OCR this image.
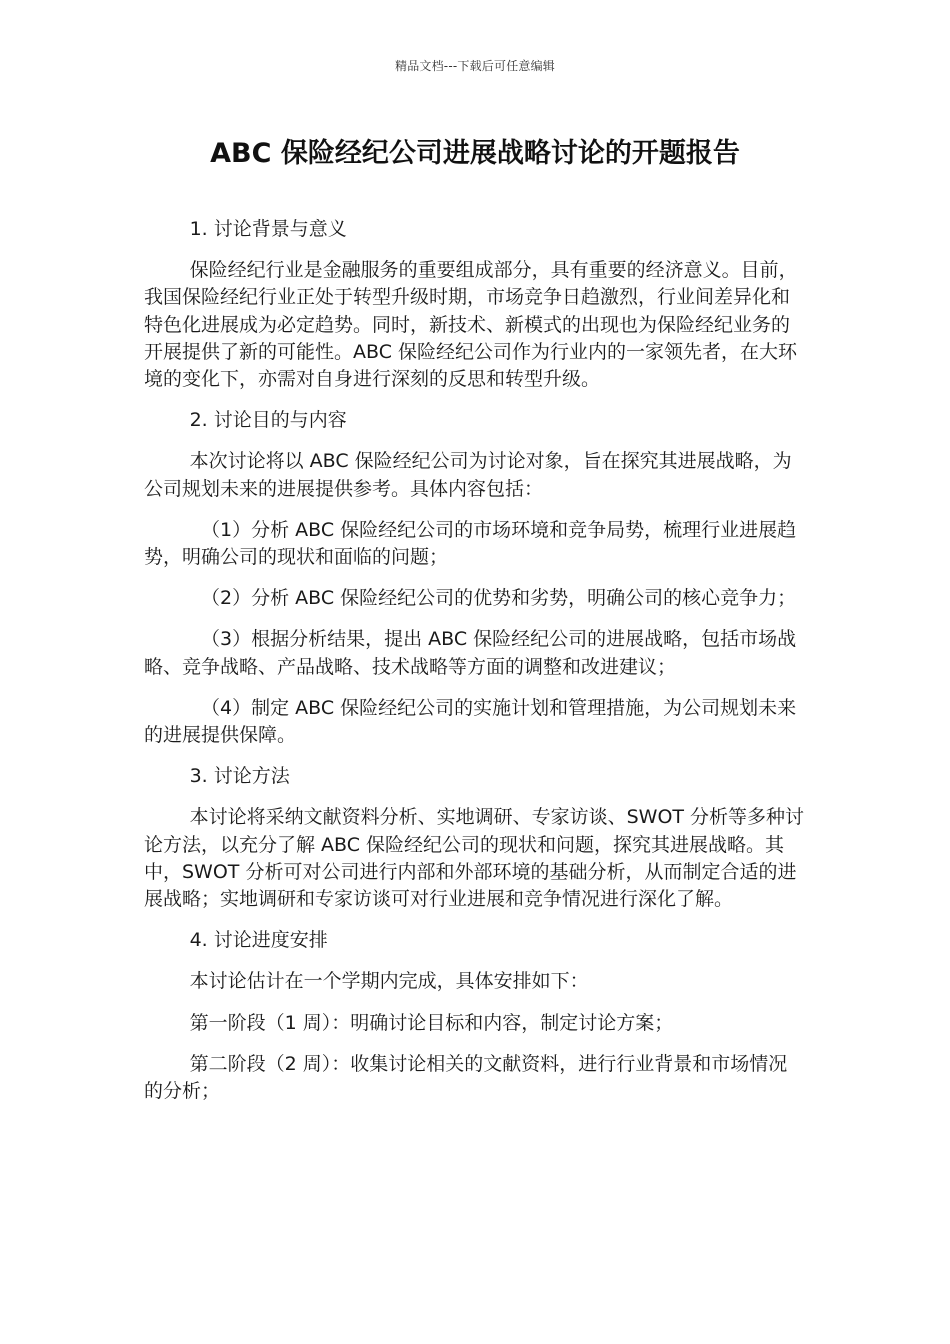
精品文档---下载后可任意编辑
ABC 保险经纪公司进展战略讨论的开题报告

1. 讨论背景与意义

保险经纪行业是金融服务的重要组成部分，具有重要的经济意义。目前，我国保险经纪行业正处于转型升级时期，市场竞争日趋激烈，行业间差异化和特色化进展成为必定趋势。同时，新技术、新模式的出现也为保险经纪业务的开展提供了新的可能性。ABC 保险经纪公司作为行业内的一家领先者，在大环境的变化下，亦需对自身进行深刻的反思和转型升级。

2. 讨论目的与内容

本次讨论将以 ABC 保险经纪公司为讨论对象，旨在探究其进展战略，为公司规划未来的进展提供参考。具体内容包括：

（1）分析 ABC 保险经纪公司的市场环境和竞争局势，梳理行业进展趋势，明确公司的现状和面临的问题；

（2）分析 ABC 保险经纪公司的优势和劣势，明确公司的核心竞争力；

（3）根据分析结果，提出 ABC 保险经纪公司的进展战略，包括市场战略、竞争战略、产品战略、技术战略等方面的调整和改进建议；

（4）制定 ABC 保险经纪公司的实施计划和管理措施，为公司规划未来的进展提供保障。

3. 讨论方法

本讨论将采纳文献资料分析、实地调研、专家访谈、SWOT 分析等多种讨论方法，以充分了解 ABC 保险经纪公司的现状和问题，探究其进展战略。其中，SWOT 分析可对公司进行内部和外部环境的基础分析，从而制定合适的进展战略；实地调研和专家访谈可对行业进展和竞争情况进行深化了解。

4. 讨论进度安排

本讨论估计在一个学期内完成，具体安排如下：

第一阶段（1 周）：明确讨论目标和内容，制定讨论方案；

第二阶段（2 周）：收集讨论相关的文献资料，进行行业背景和市场情况的分析；
